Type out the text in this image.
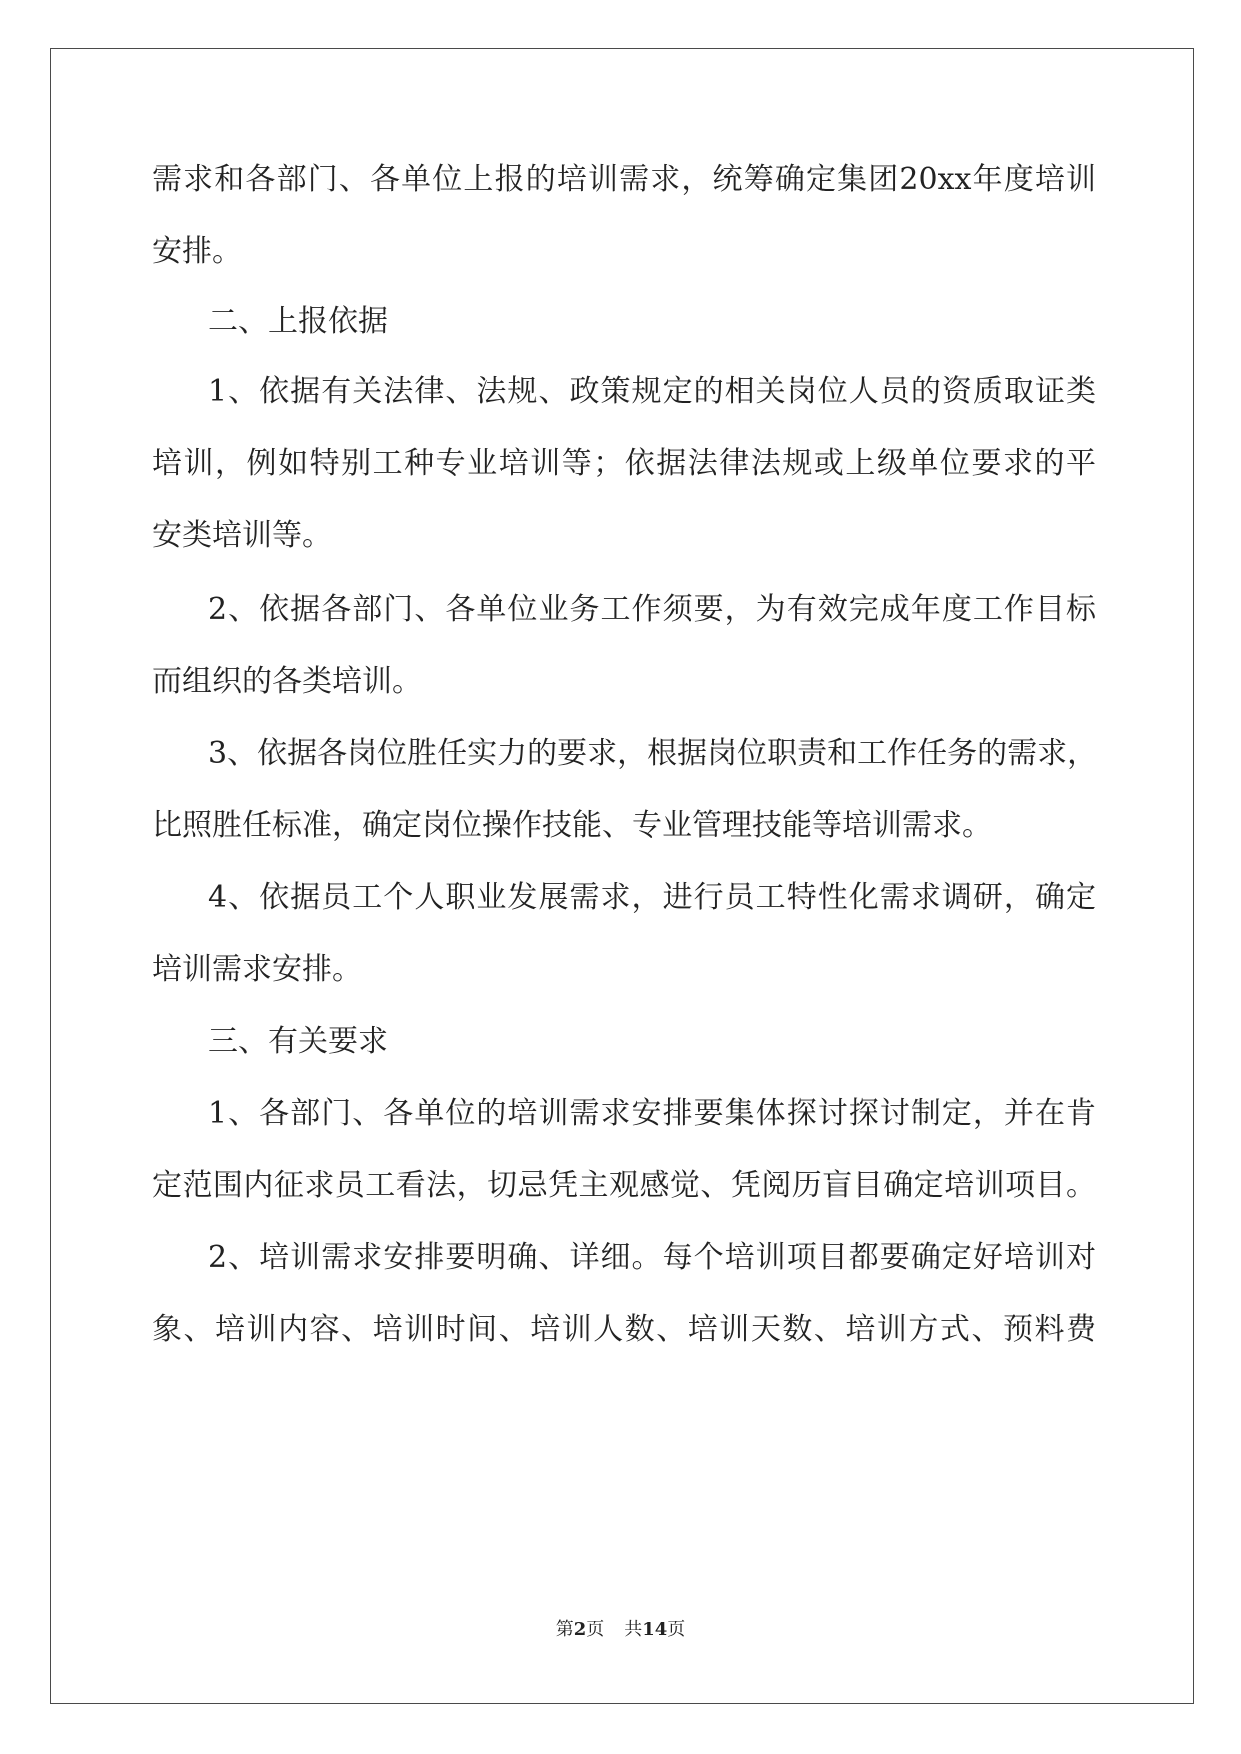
需求和各部门、各单位上报的培训需求，统筹确定集团20xx年度培训
安排。
二、上报依据
1、依据有关法律、法规、政策规定的相关岗位人员的资质取证类
培训，例如特别工种专业培训等；依据法律法规或上级单位要求的平
安类培训等。
2、依据各部门、各单位业务工作须要，为有效完成年度工作目标
而组织的各类培训。
3、依据各岗位胜任实力的要求，根据岗位职责和工作任务的需求，
比照胜任标准，确定岗位操作技能、专业管理技能等培训需求。
4、依据员工个人职业发展需求，进行员工特性化需求调研，确定
培训需求安排。
三、有关要求
1、各部门、各单位的培训需求安排要集体探讨探讨制定，并在肯
定范围内征求员工看法，切忌凭主观感觉、凭阅历盲目确定培训项目。
2、培训需求安排要明确、详细。每个培训项目都要确定好培训对
象、培训内容、培训时间、培训人数、培训天数、培训方式、预料费
第2页 共14页
